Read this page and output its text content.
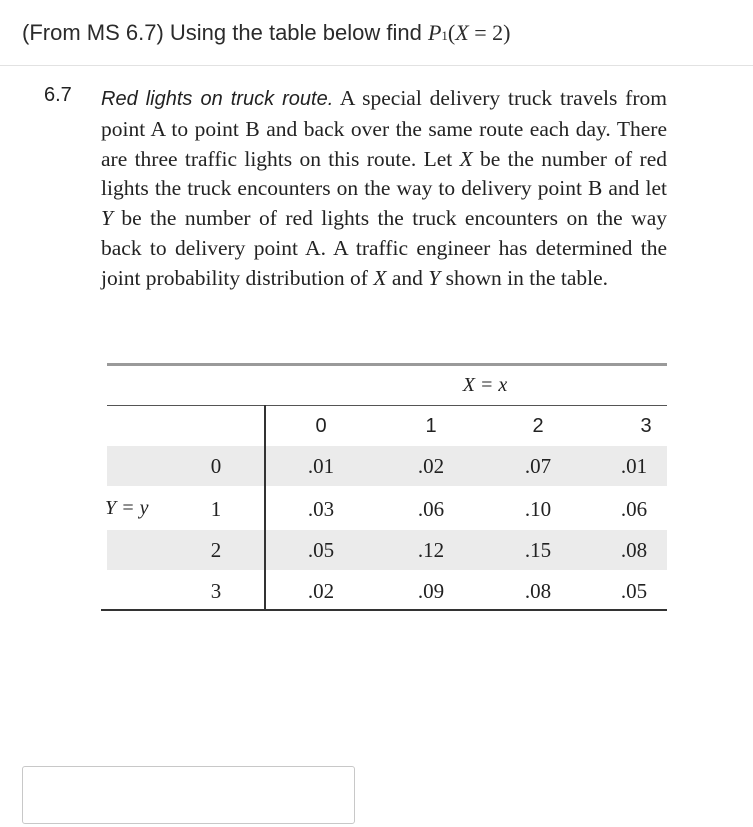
(From MS 6.7) Using the table below find P1(X = 2)
6.7 Red lights on truck route. A special delivery truck travels from point A to point B and back over the same route each day. There are three traffic lights on this route. Let X be the number of red lights the truck encounters on the way to delivery point B and let Y be the number of red lights the truck encounters on the way back to delivery point A. A traffic engineer has determined the joint probability distribution of X and Y shown in the table.
X = x
0	1	2	3
Y = y
0	.01	.02	.07	.01
1	.03	.06	.10	.06
2	.05	.12	.15	.08
3	.02	.09	.08	.05
